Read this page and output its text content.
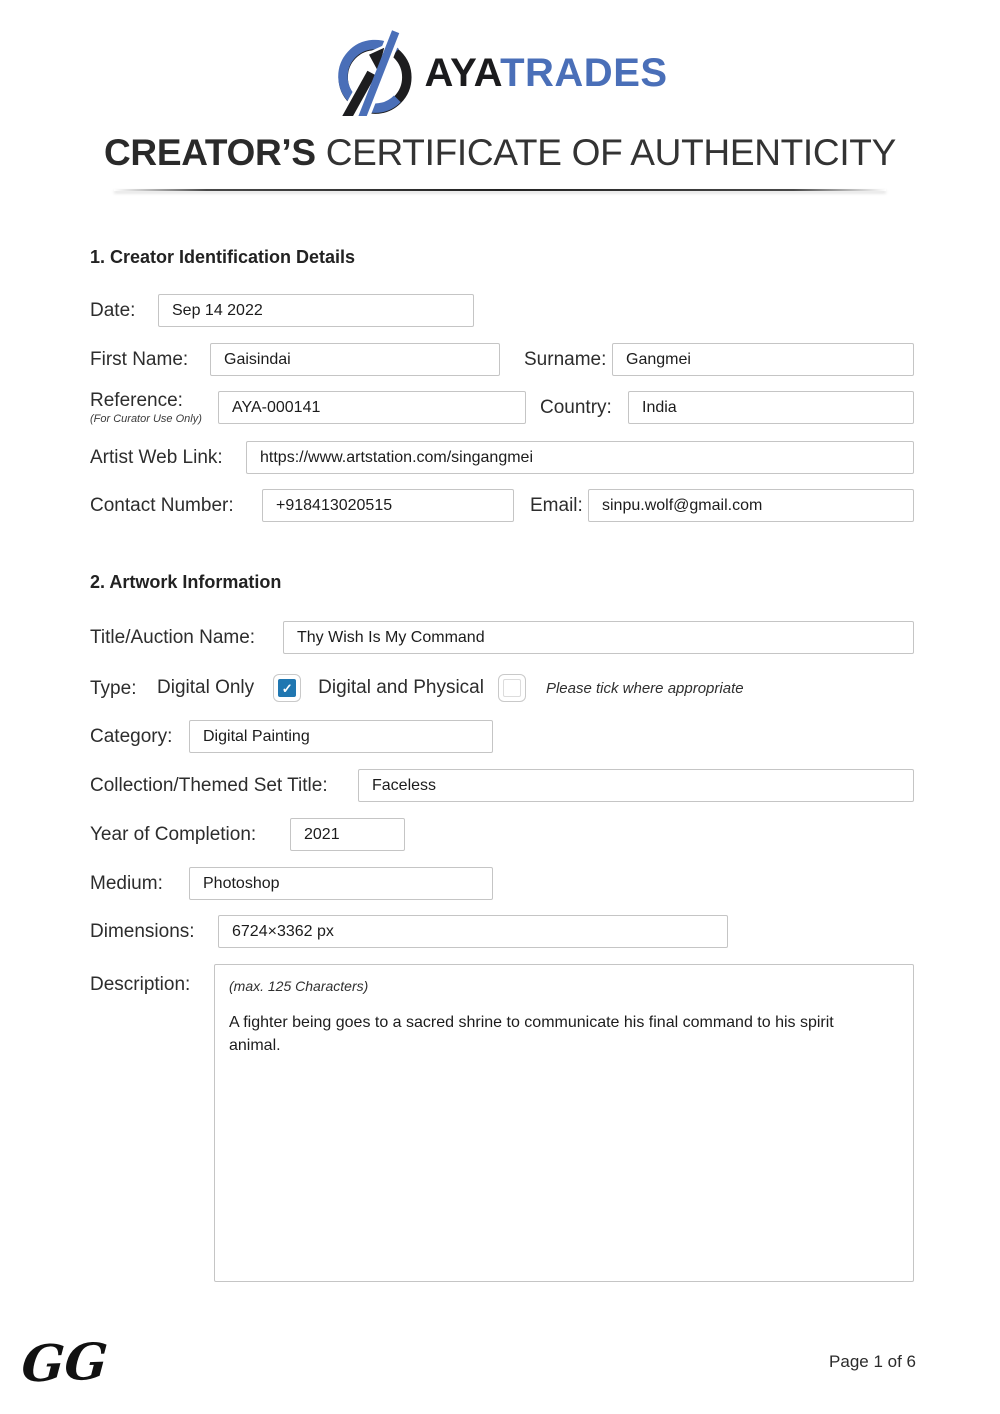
AYATRADES
CREATOR’S CERTIFICATE OF AUTHENTICITY
1. Creator Identification Details
Date:	Sep 14 2022
First Name:	Gaisindai	Surname:	Gangmei
Reference:
(For Curator Use Only)
AYA-000141	Country:	India
Artist Web Link:	https://www.artstation.com/singangmei
Contact Number:	+918413020515	Email:	sinpu.wolf@gmail.com
2. Artwork Information
Title/Auction Name:	Thy Wish Is My Command
Type:	Digital Only ✓ Digital and Physical	Please tick where appropriate
Category:	Digital Painting
Collection/Themed Set Title:	Faceless
Year of Completion:	2021
Medium:	Photoshop
Dimensions:	6724×3362 px
Description:	(max. 125 Characters)
A fighter being goes to a sacred shrine to communicate his final command to his spirit animal.
GG	Page 1 of 6
